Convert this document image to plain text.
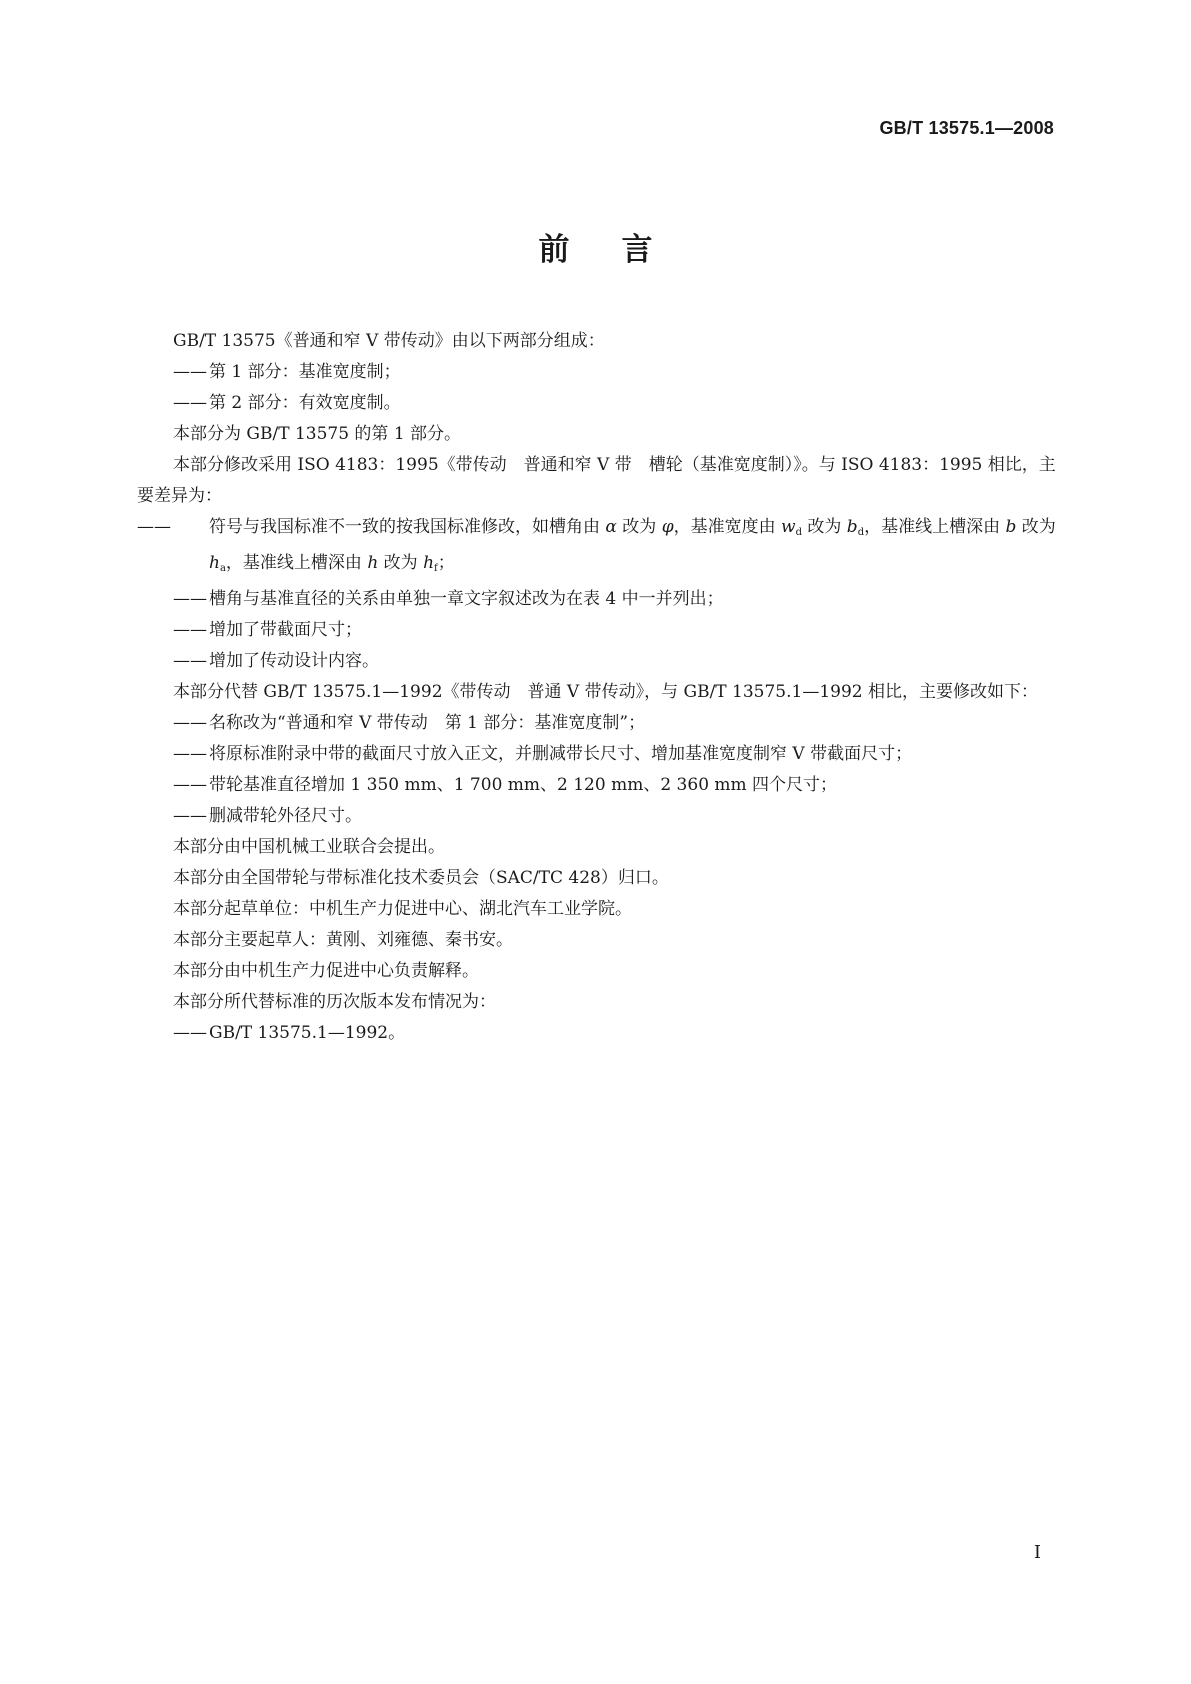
GB/T 13575.1—2008
前言

GB/T 13575《普通和窄 V 带传动》由以下两部分组成：

—— 第 1 部分：基准宽度制；

—— 第 2 部分：有效宽度制。

本部分为 GB/T 13575 的第 1 部分。

本部分修改采用 ISO 4183：1995《带传动　普通和窄 V 带　槽轮（基准宽度制）》。与 ISO 4183：1995 相比，主要差异为：

—— 符号与我国标准不一致的按我国标准修改，如槽角由 α 改为 φ，基准宽度由 $w_d$ 改为 $b_d$，基准线上槽深由 b 改为 $h_a$，基准线上槽深由 h 改为 $h_f$；

—— 槽角与基准直径的关系由单独一章文字叙述改为在表 4 中一并列出；

—— 增加了带截面尺寸；

—— 增加了传动设计内容。

本部分代替 GB/T 13575.1—1992《带传动　普通 V 带传动》，与 GB/T 13575.1—1992 相比，主要修改如下：

—— 名称改为“普通和窄 V 带传动　第 1 部分：基准宽度制”；

—— 将原标准附录中带的截面尺寸放入正文，并删减带长尺寸、增加基准宽度制窄 V 带截面尺寸；

—— 带轮基准直径增加 1 350 mm、1 700 mm、2 120 mm、2 360 mm 四个尺寸；

—— 删减带轮外径尺寸。

本部分由中国机械工业联合会提出。

本部分由全国带轮与带标准化技术委员会（SAC/TC 428）归口。

本部分起草单位：中机生产力促进中心、湖北汽车工业学院。

本部分主要起草人：黄刚、刘雍德、秦书安。

本部分由中机生产力促进中心负责解释。

本部分所代替标准的历次版本发布情况为：

—— GB/T 13575.1—1992。

I
